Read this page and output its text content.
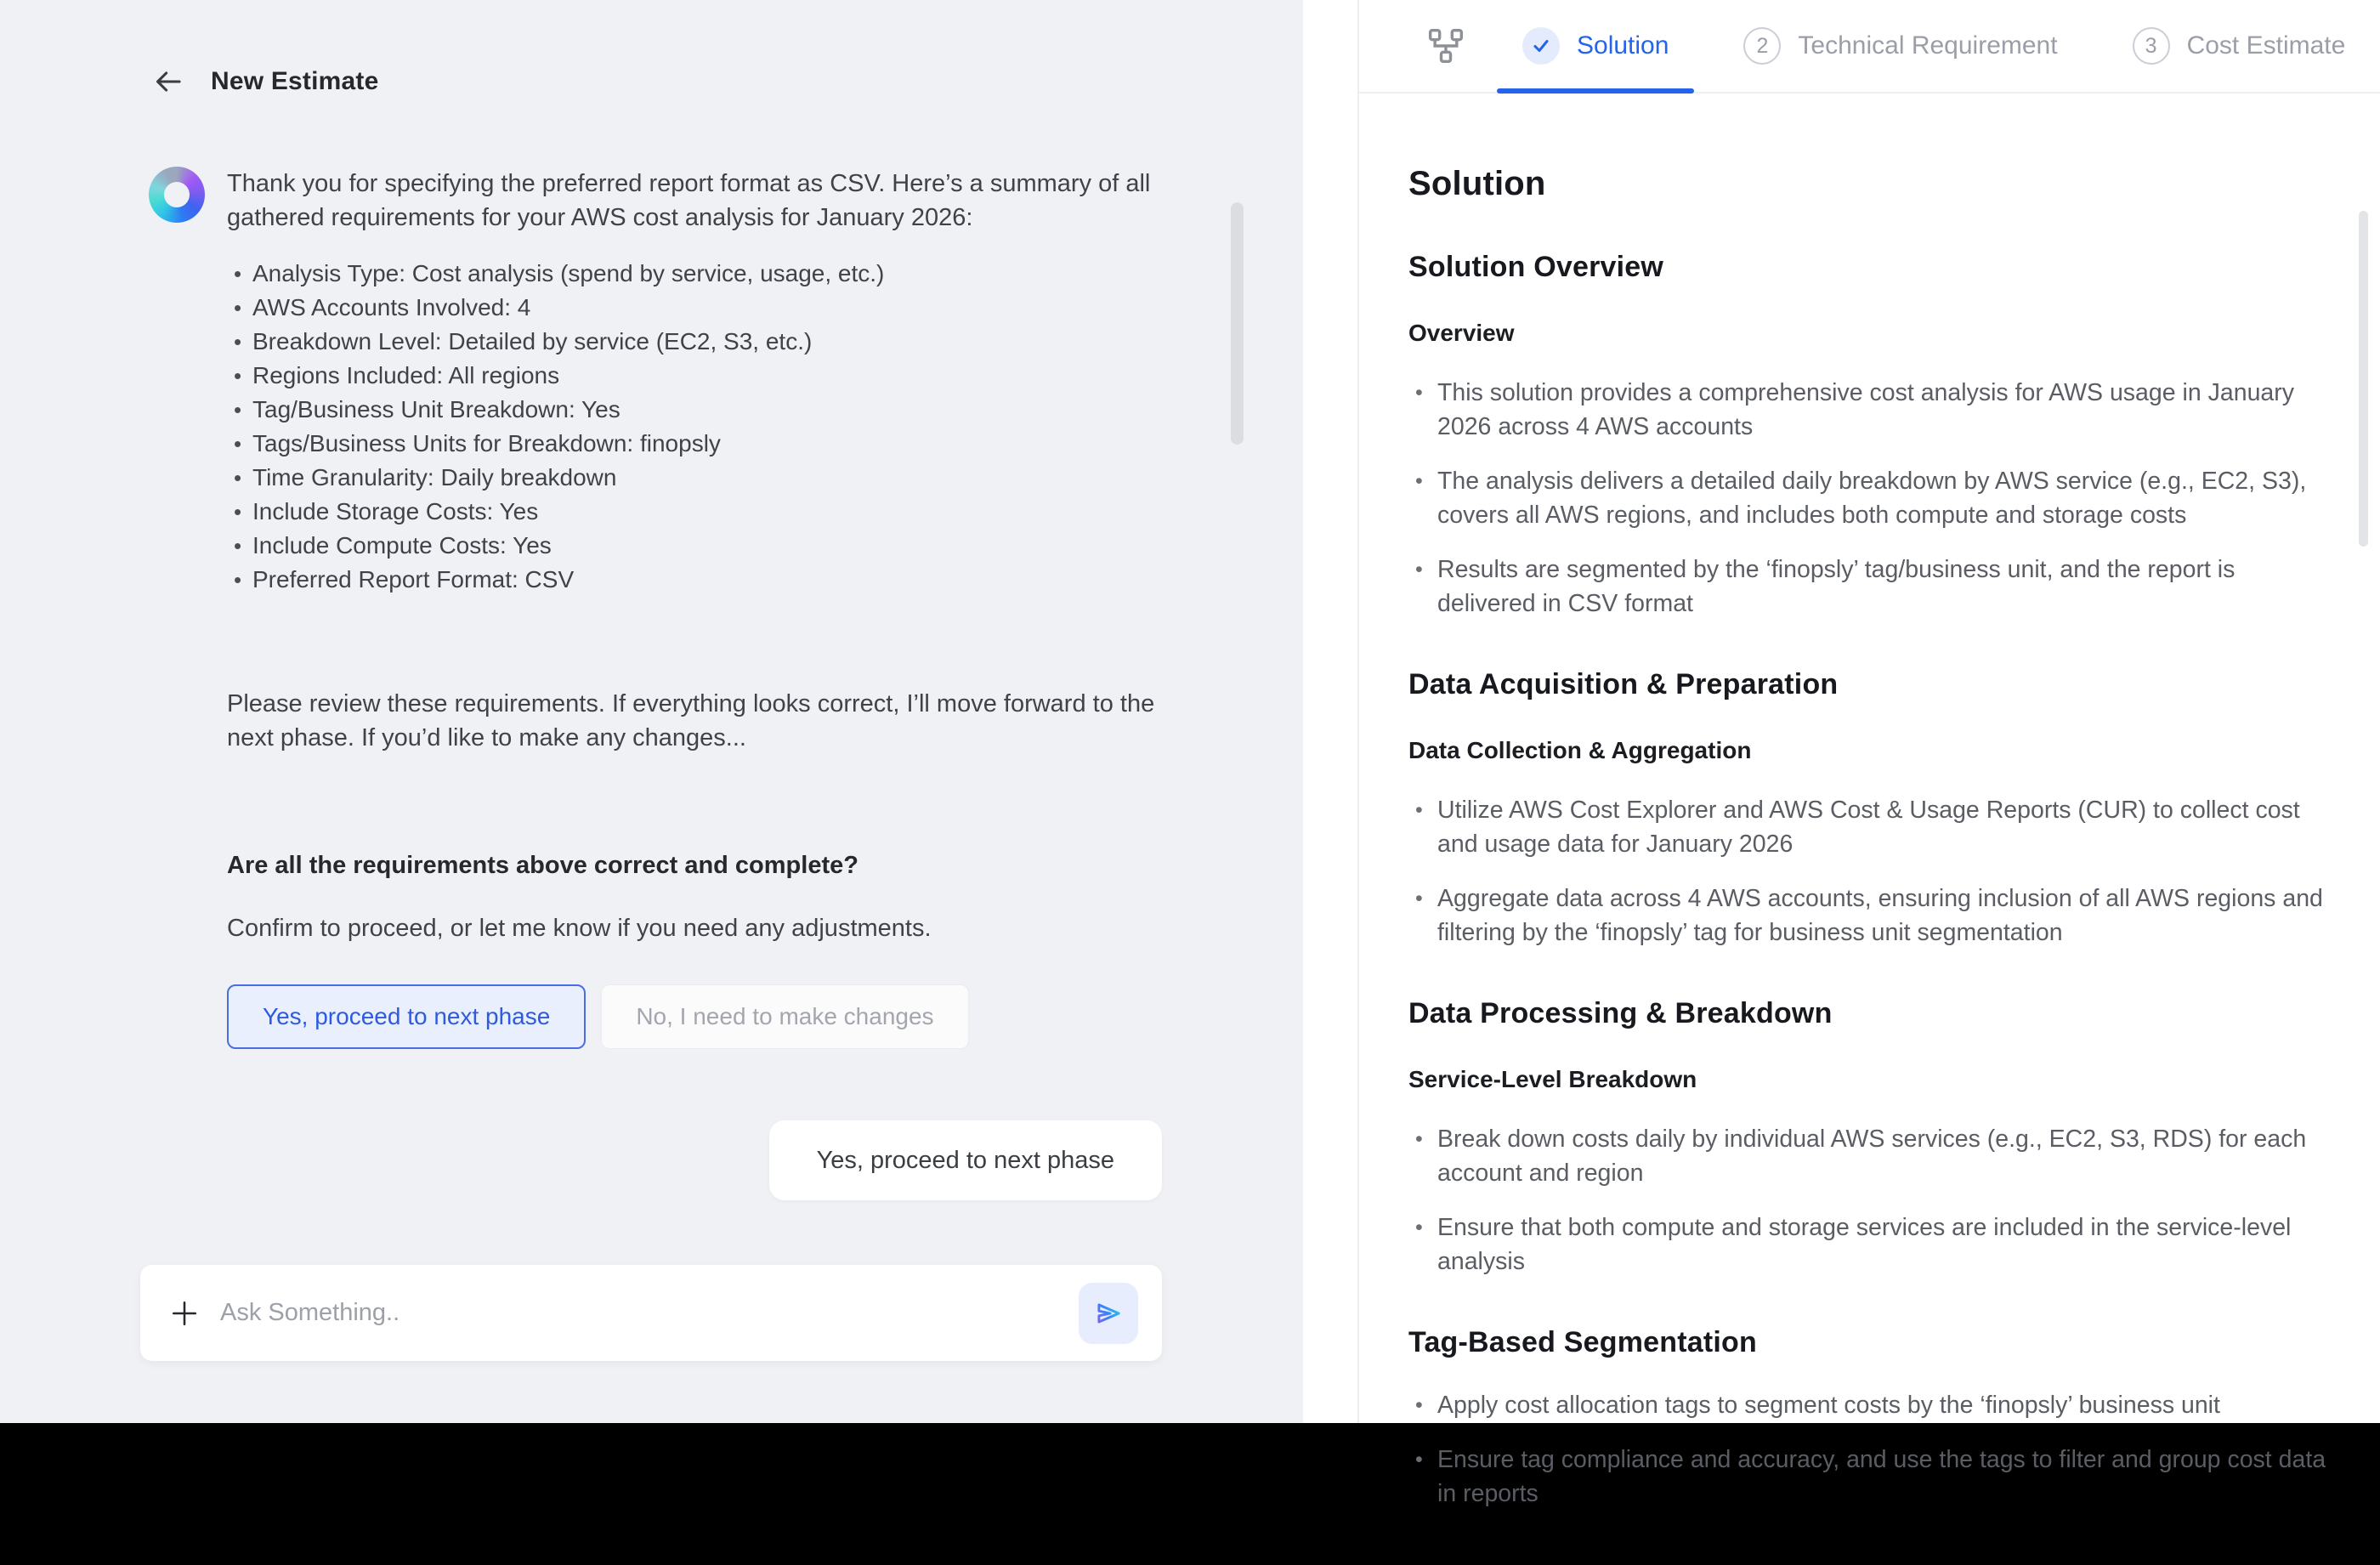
New Estimate

Thank you for specifying the preferred report format as CSV. Here’s a summary of all gathered requirements for your AWS cost analysis for January 2026:

• Analysis Type: Cost analysis (spend by service, usage, etc.)
• AWS Accounts Involved: 4
• Breakdown Level: Detailed by service (EC2, S3, etc.)
• Regions Included: All regions
• Tag/Business Unit Breakdown: Yes
• Tags/Business Units for Breakdown: finopsly
• Time Granularity: Daily breakdown
• Include Storage Costs: Yes
• Include Compute Costs: Yes
• Preferred Report Format: CSV

Please review these requirements. If everything looks correct, I’ll move forward to the next phase. If you’d like to make any changes...

Are all the requirements above correct and complete?

Confirm to proceed, or let me know if you need any adjustments.

Yes, proceed to next phase	No, I need to make changes
Yes, proceed to next phase
Ask Something..
Solution	2	Technical Requirement	3	Cost Estimate
Solution
Solution Overview
Overview
• This solution provides a comprehensive cost analysis for AWS usage in January 2026 across 4 AWS accounts
• The analysis delivers a detailed daily breakdown by AWS service (e.g., EC2, S3), covers all AWS regions, and includes both compute and storage costs
• Results are segmented by the ‘finopsly’ tag/business unit, and the report is delivered in CSV format
Data Acquisition & Preparation
Data Collection & Aggregation
• Utilize AWS Cost Explorer and AWS Cost & Usage Reports (CUR) to collect cost and usage data for January 2026
• Aggregate data across 4 AWS accounts, ensuring inclusion of all AWS regions and filtering by the ‘finopsly’ tag for business unit segmentation
Data Processing & Breakdown
Service-Level Breakdown
• Break down costs daily by individual AWS services (e.g., EC2, S3, RDS) for each account and region
• Ensure that both compute and storage services are included in the service-level analysis
Tag-Based Segmentation
• Apply cost allocation tags to segment costs by the ‘finopsly’ business unit
• Ensure tag compliance and accuracy, and use the tags to filter and group cost data in reports
